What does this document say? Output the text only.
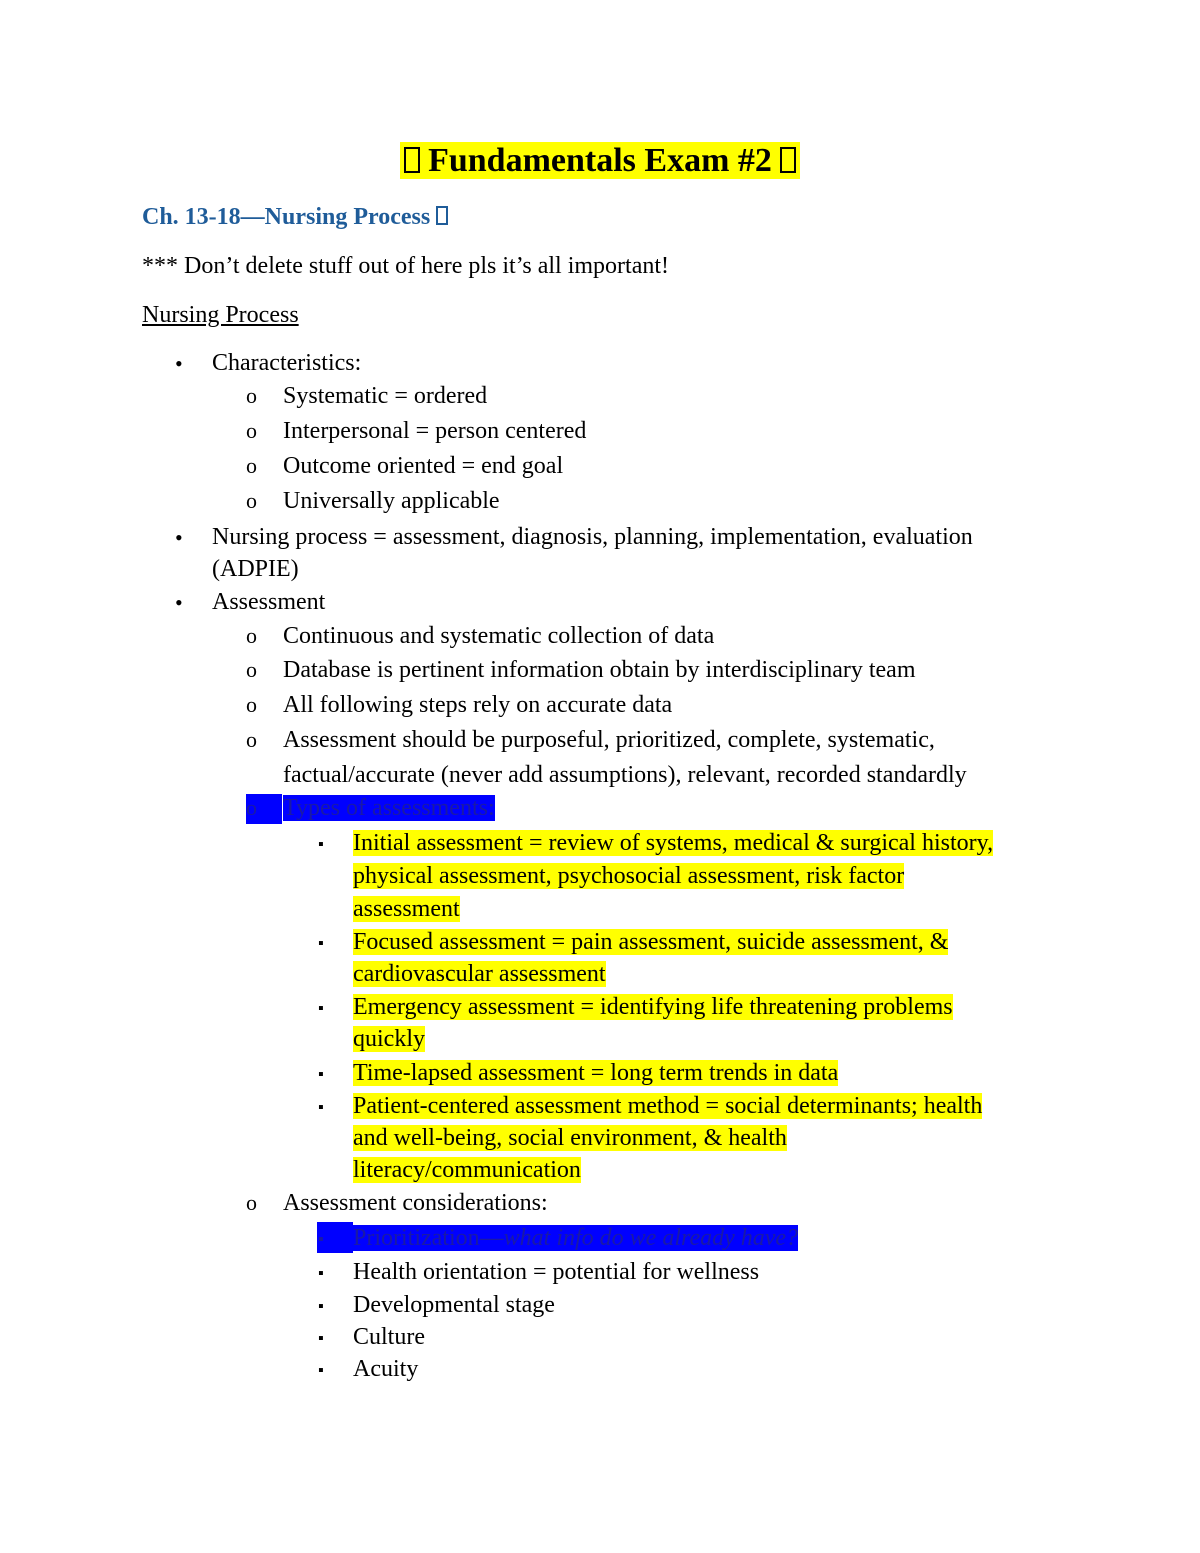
Fundamentals Exam #2
Ch. 13-18—Nursing Process
*** Don’t delete stuff out of here pls it’s all important!
Nursing Process
• Characteristics:
o Systematic = ordered
o Interpersonal = person centered
o Outcome oriented = end goal
o Universally applicable
• Nursing process = assessment, diagnosis, planning, implementation, evaluation
(ADPIE)
• Assessment
o Continuous and systematic collection of data
o Database is pertinent information obtain by interdisciplinary team
o All following steps rely on accurate data
o Assessment should be purposeful, prioritized, complete, systematic,
factual/accurate (never add assumptions), relevant, recorded standardly
o Types of assessments:
▪ Initial assessment = review of systems, medical & surgical history,
physical assessment, psychosocial assessment, risk factor
assessment
▪ Focused assessment = pain assessment, suicide assessment, &
cardiovascular assessment
▪ Emergency assessment = identifying life threatening problems
quickly
▪ Time-lapsed assessment = long term trends in data
▪ Patient-centered assessment method = social determinants; health
and well-being, social environment, & health
literacy/communication
o Assessment considerations:
▪ Prioritization—what info do we already have?
▪ Health orientation = potential for wellness
▪ Developmental stage
▪ Culture
▪ Acuity
